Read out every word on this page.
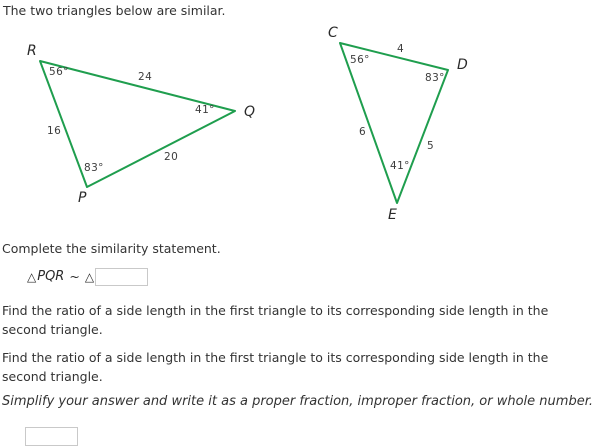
The two triangles below are similar.

R
56°	24
41° Q
16
20
83°
P
C
4
56°	D
83°
6
5
41°
E

Complete the similarity statement.

△ PQR ~ △

Find the ratio of a side length in the first triangle to its corresponding side length in the
second triangle.

Find the ratio of a side length in the first triangle to its corresponding side length in the
second triangle.

Simplify your answer and write it as a proper fraction, improper fraction, or whole number.
